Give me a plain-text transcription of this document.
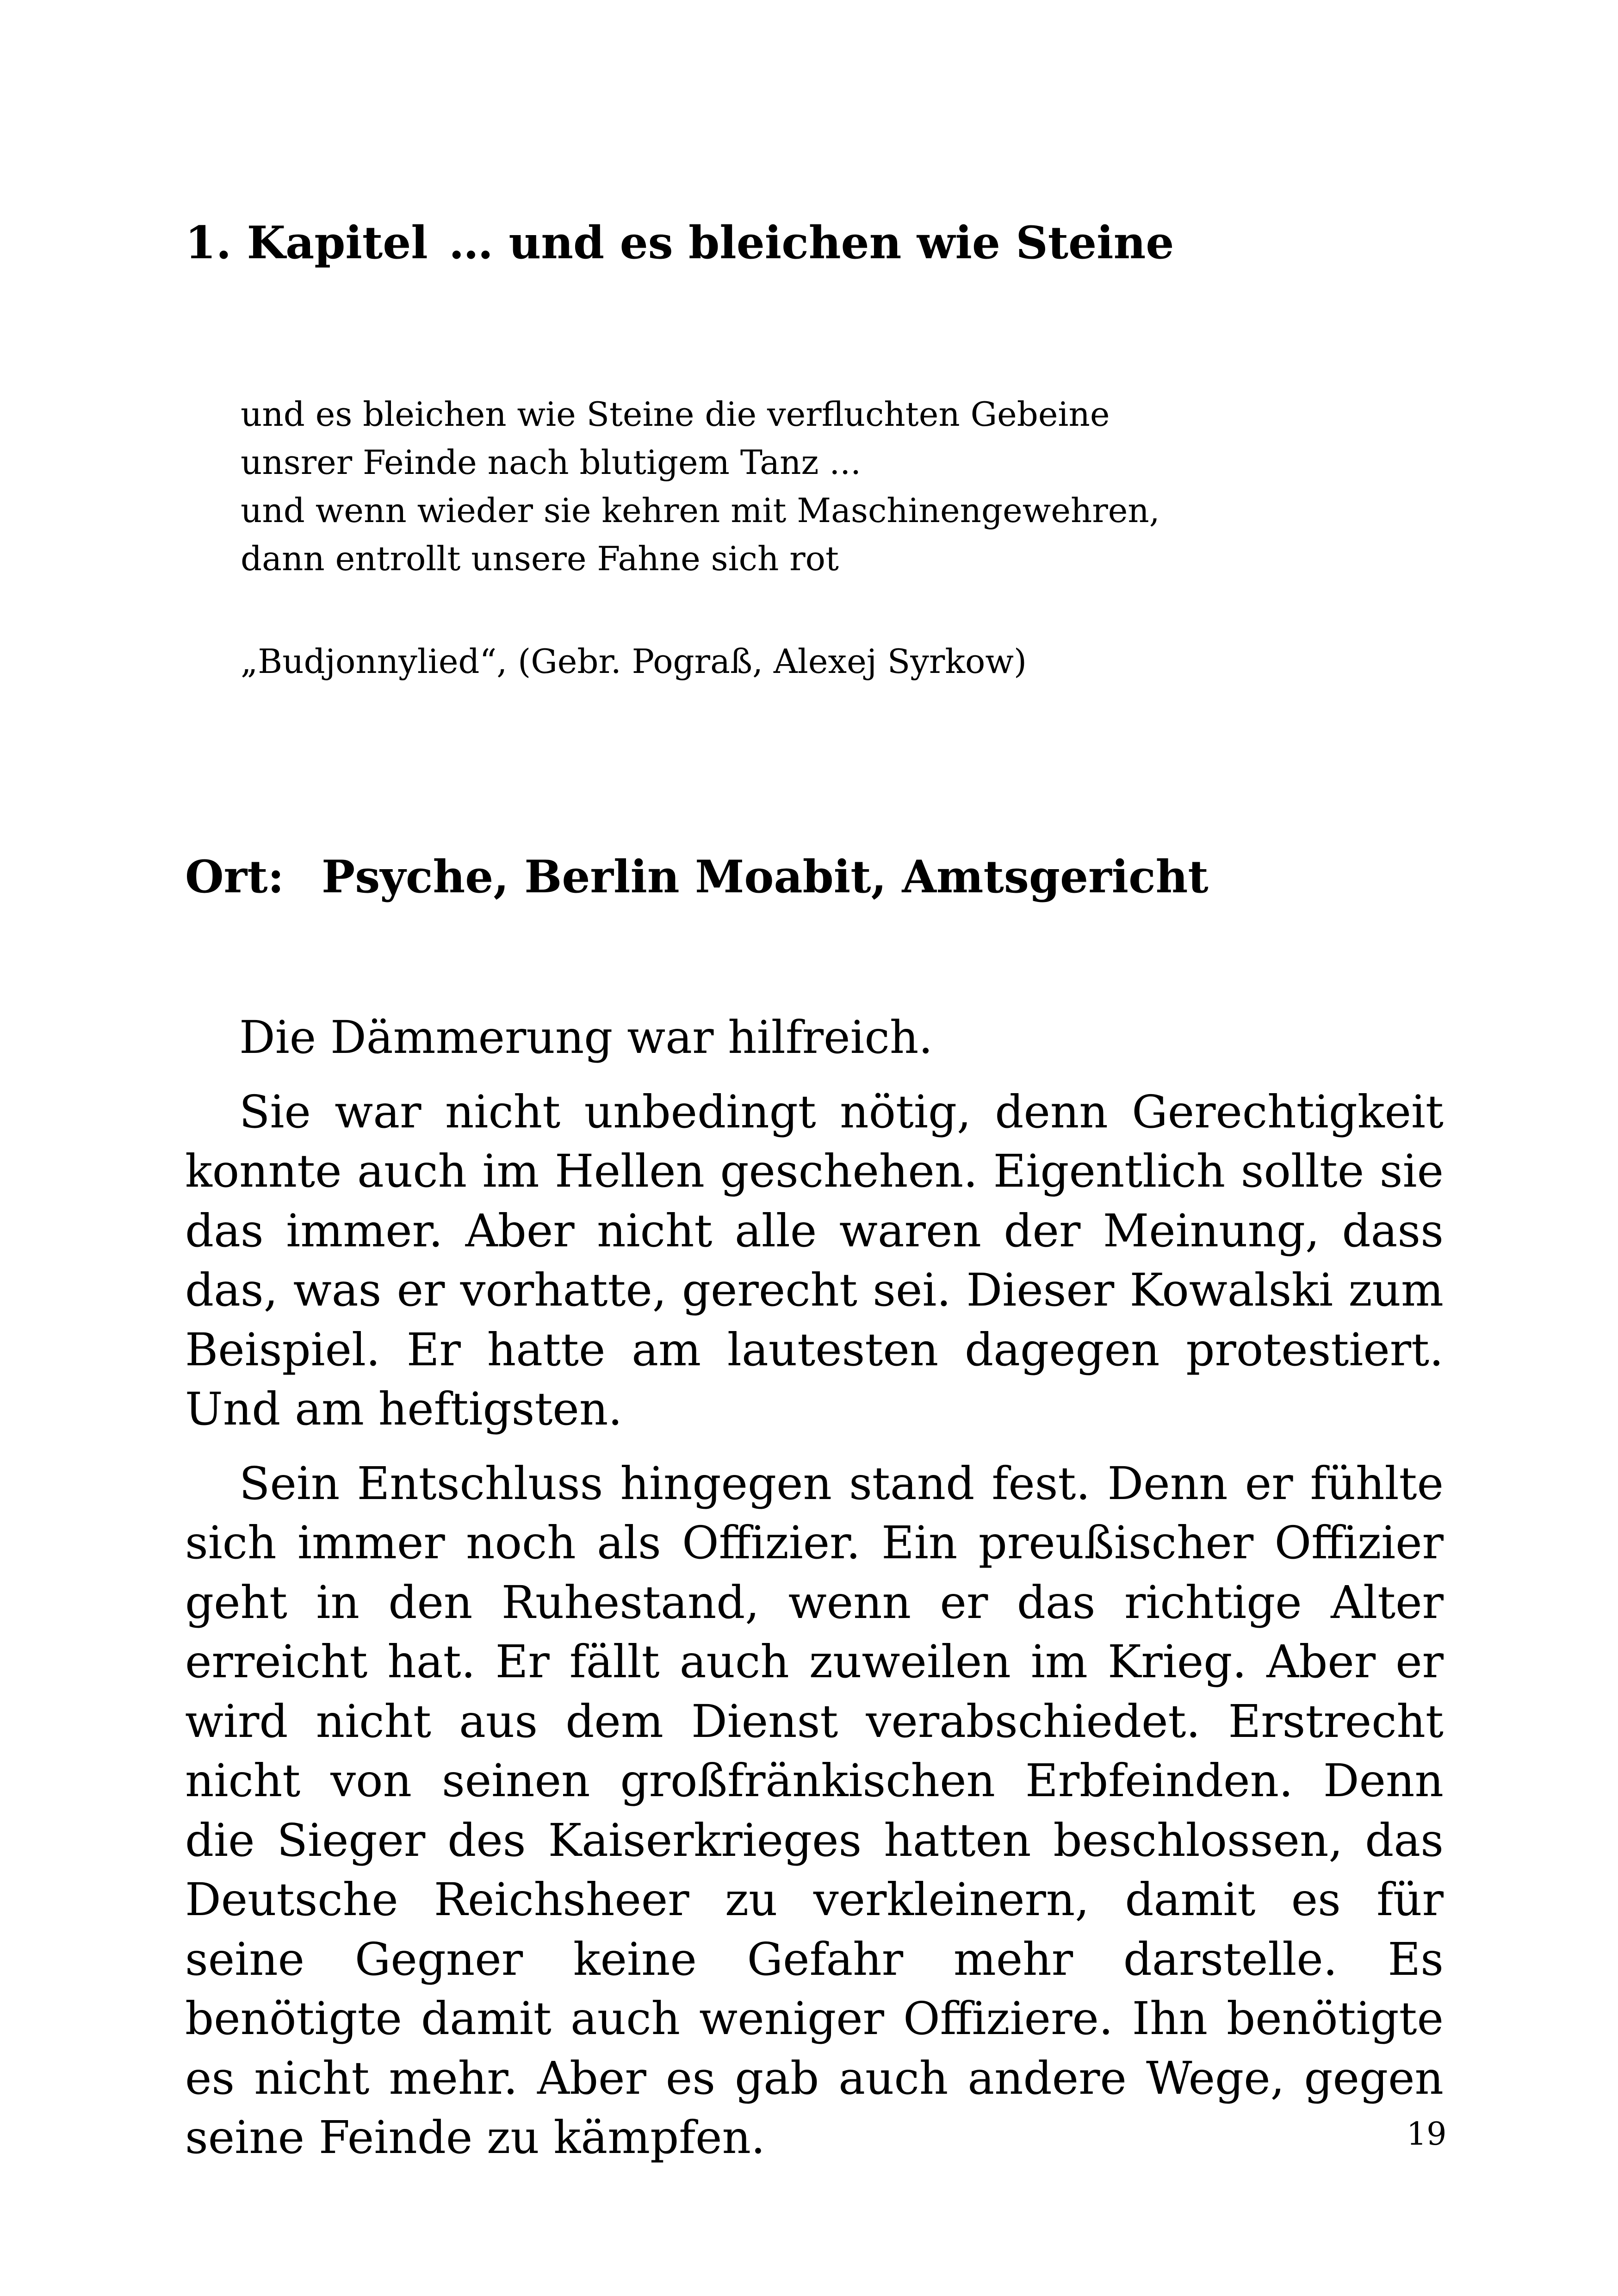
1. Kapitel … und es bleichen wie Steine
und es bleichen wie Steine die verfluchten Gebeine
unsrer Feinde nach blutigem Tanz ...
und wenn wieder sie kehren mit Maschinengewehren,
dann entrollt unsere Fahne sich rot
„Budjonnylied“, (Gebr. Pograß, Alexej Syrkow)
Ort: Psyche, Berlin Moabit, Amtsgericht

Die Dämmerung war hilfreich.

Sie war nicht unbedingt nötig, denn Gerechtigkeit konnte auch im Hellen geschehen. Eigentlich sollte sie das immer. Aber nicht alle waren der Meinung, dass das, was er vorhatte, gerecht sei. Dieser Kowalski zum Beispiel. Er hatte am lautesten dagegen protestiert. Und am heftigsten.

Sein Entschluss hingegen stand fest. Denn er fühlte sich immer noch als Offizier. Ein preußischer Offizier geht in den Ruhestand, wenn er das richtige Alter erreicht hat. Er fällt auch zuweilen im Krieg. Aber er wird nicht aus dem Dienst verabschiedet. Erstrecht nicht von seinen großfränkischen Erbfeinden. Denn die Sieger des Kaiserkrieges hatten beschlossen, das Deutsche Reichsheer zu verkleinern, damit es für seine Gegner keine Gefahr mehr darstelle. Es benötigte damit auch weniger Offiziere. Ihn benötigte es nicht mehr. Aber es gab auch andere Wege, gegen seine Feinde zu kämpfen.	19
